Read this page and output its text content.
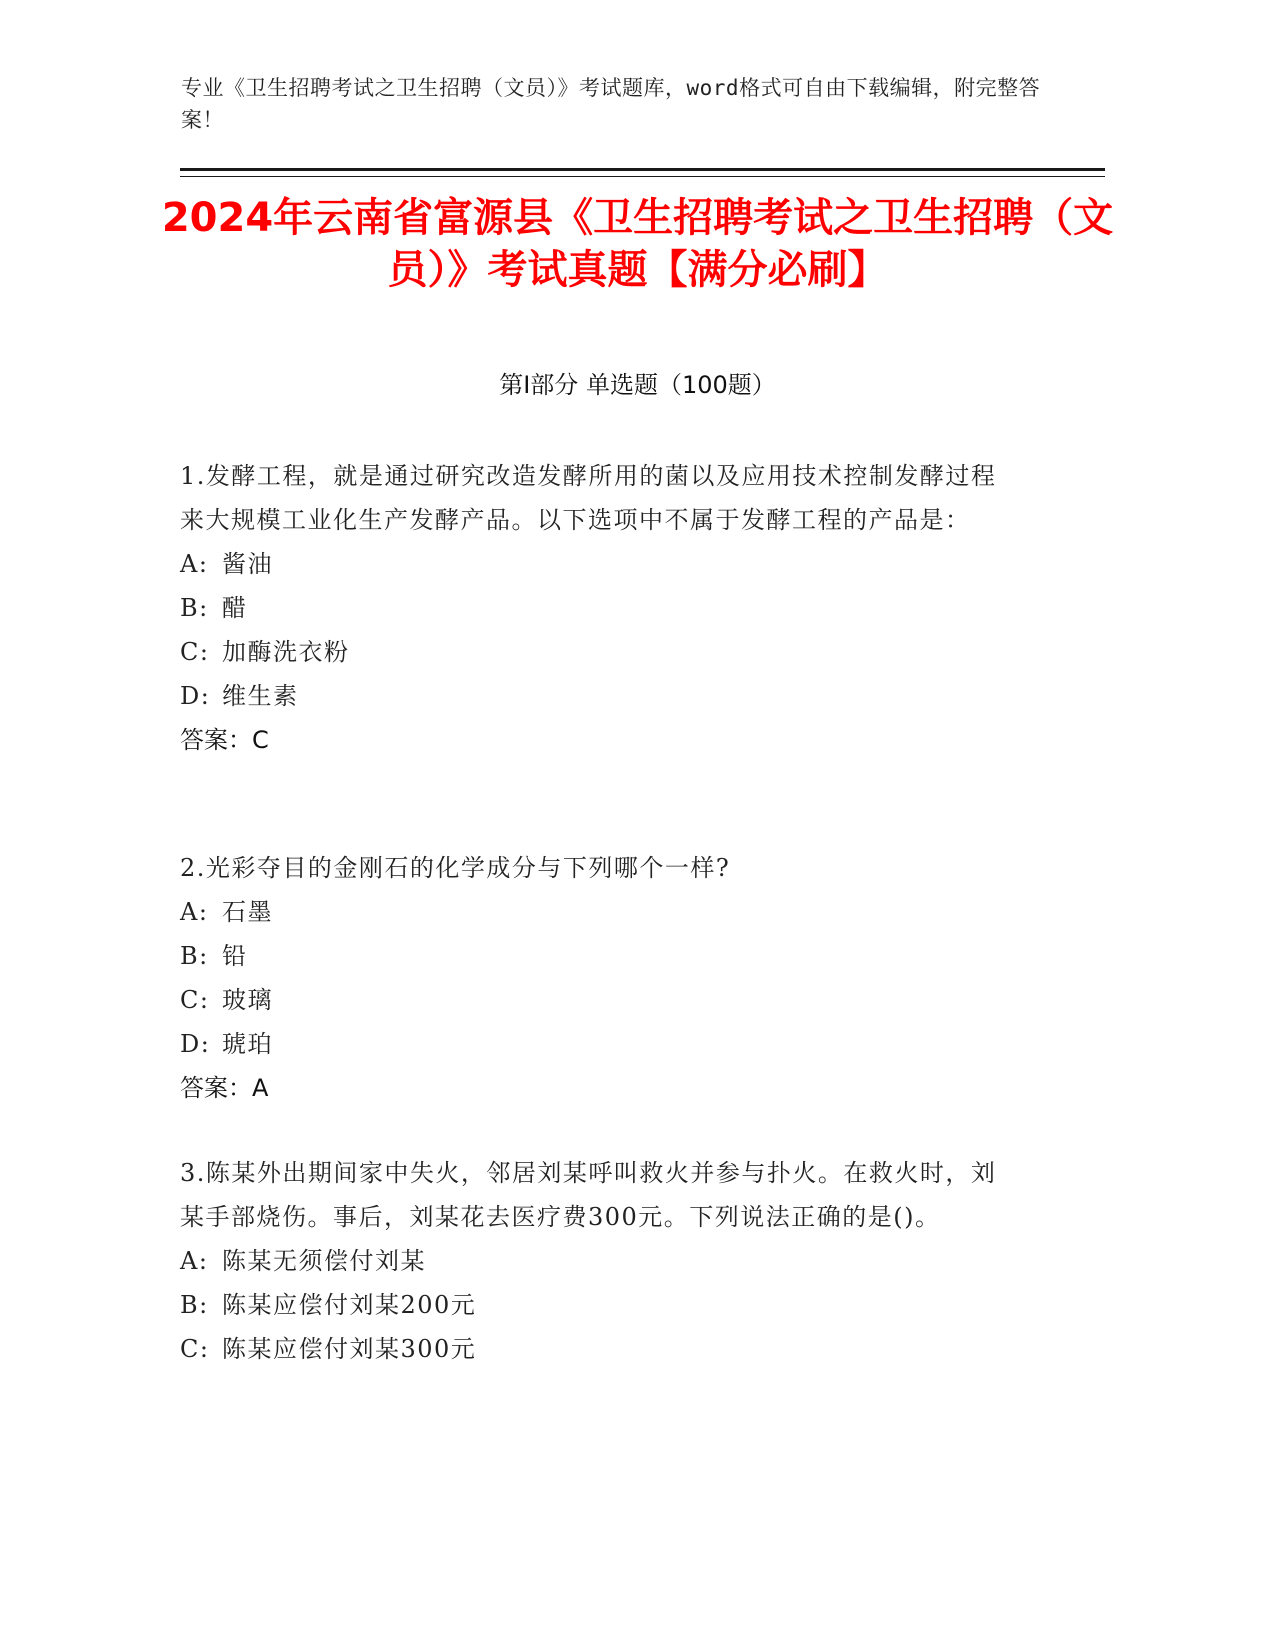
专业《卫生招聘考试之卫生招聘（文员）》考试题库，word格式可自由下载编辑，附完整答案！
2024年云南省富源县《卫生招聘考试之卫生招聘（文员）》考试真题【满分必刷】
第Ⅰ部分 单选题（100题）
1.发酵工程，就是通过研究改造发酵所用的菌以及应用技术控制发酵过程来大规模工业化生产发酵产品。以下选项中不属于发酵工程的产品是：
A: 酱油
B: 醋
C: 加酶洗衣粉
D: 维生素
答案：C
2.光彩夺目的金刚石的化学成分与下列哪个一样?
A: 石墨
B: 铅
C: 玻璃
D: 琥珀
答案：A
3.陈某外出期间家中失火，邻居刘某呼叫救火并参与扑火。在救火时，刘某手部烧伤。事后，刘某花去医疗费300元。下列说法正确的是()。
A: 陈某无须偿付刘某
B: 陈某应偿付刘某200元
C: 陈某应偿付刘某300元
